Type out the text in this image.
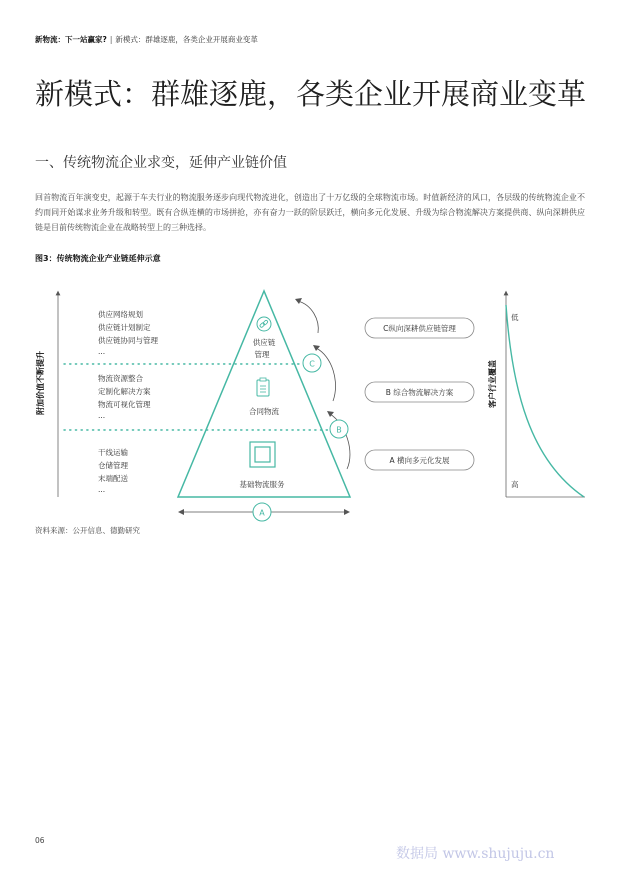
新物流：下一站赢家? | 新模式：群雄逐鹿，各类企业开展商业变革
新模式：群雄逐鹿，各类企业开展商业变革
一、传统物流企业求变，延伸产业链价值

回首物流百年演变史，起源于车夫行业的物流服务逐步向现代物流进化，创造出了十万亿级的全球物流市场。时值新经济的风口，各层级的传统物流企业不约而同开始谋求业务升级和转型。既有合纵连横的市场拼抢，亦有奋力一跃的阶层跃迁，横向多元化发展、升级为综合物流解决方案提供商、纵向深耕供应链是目前传统物流企业在战略转型上的三种选择。

图3：传统物流企业产业链延伸示意
附加价值不断提升
供应网络规划
供应链计划制定
供应链协同与管理
...
物流资源整合
定制化解决方案
物流可视化管理
...
干线运输
仓储管理
末端配送
...
供应链
管理
合同物流
基础物流服务
A
B
C
C纵向深耕供应链管理
B 综合物流解决方案
A 横向多元化发展
客户行业覆盖
低
高
资料来源：公开信息、德勤研究
06
数据局 www.shujuju.cn
